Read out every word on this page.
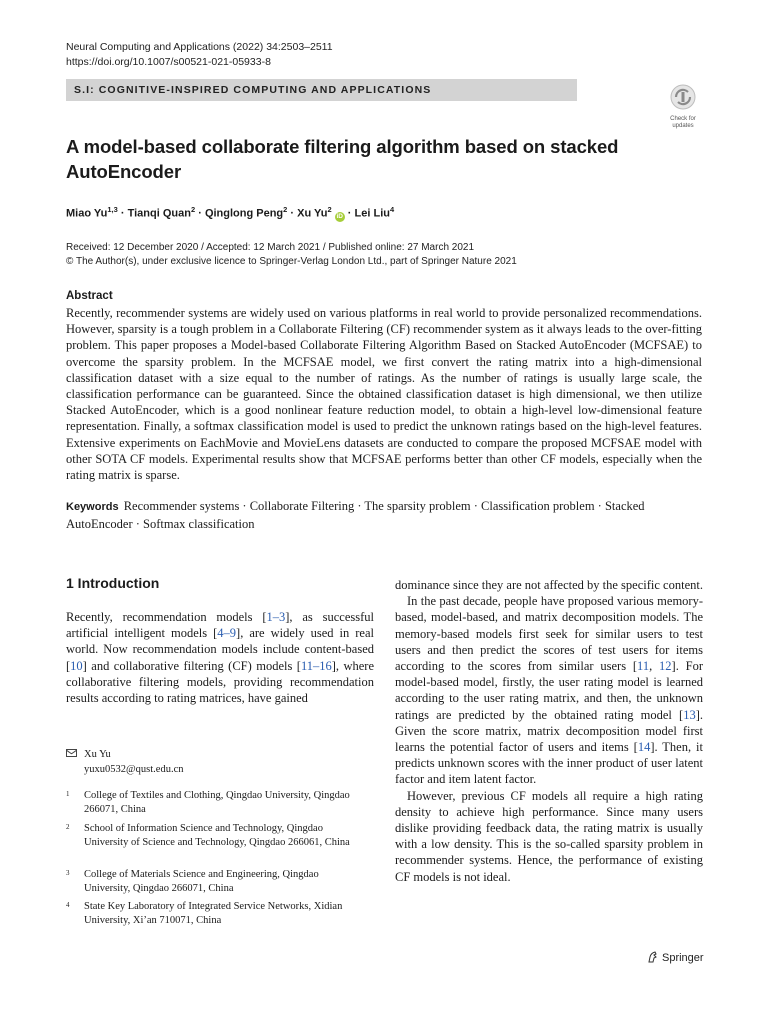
Neural Computing and Applications (2022) 34:2503–2511
https://doi.org/10.1007/s00521-021-05933-8
S.I: COGNITIVE-INSPIRED COMPUTING AND APPLICATIONS
Check for
updates
A model-based collaborate filtering algorithm based on stacked AutoEncoder
Miao Yu$^{1,3}$ · Tianqi Quan$^2$ · Qinglong Peng$^2$ · Xu Yu$^2$ iD · Lei Liu$^4$
Received: 12 December 2020 / Accepted: 12 March 2021 / Published online: 27 March 2021
© The Author(s), under exclusive licence to Springer-Verlag London Ltd., part of Springer Nature 2021
Abstract
Recently, recommender systems are widely used on various platforms in real world to provide personalized recommendations. However, sparsity is a tough problem in a Collaborate Filtering (CF) recommender system as it always leads to the over-fitting problem. This paper proposes a Model-based Collaborate Filtering Algorithm Based on Stacked AutoEncoder (MCFSAE) to overcome the sparsity problem. In the MCFSAE model, we first convert the rating matrix into a high-dimensional classification dataset with a size equal to the number of ratings. As the number of ratings is usually large scale, the classification performance can be guaranteed. Since the obtained classification dataset is high dimensional, we then utilize Stacked AutoEncoder, which is a good nonlinear feature reduction model, to obtain a high-level low-dimensional feature representation. Finally, a softmax classification model is used to predict the unknown ratings based on the high-level features. Extensive experiments on EachMovie and MovieLens datasets are conducted to compare the proposed MCFSAE model with other SOTA CF models. Experimental results show that MCFSAE performs better than other CF models, especially when the rating matrix is sparse.
Keywords Recommender systems · Collaborate Filtering · The sparsity problem · Classification problem · Stacked AutoEncoder · Softmax classification
1 Introduction

Recently, recommendation models [1–3], as successful artificial intelligent models [4–9], are widely used in real world. Now recommendation models include content-based [10] and collaborative filtering (CF) models [11–16], where collaborative filtering models, providing recommendation results according to rating matrices, have gained

dominance since they are not affected by the specific content.

In the past decade, people have proposed various memory-based, model-based, and matrix decomposition models. The memory-based models first seek for similar users to test users and then predict the scores of test users for items according to the scores from similar users [11, 12]. For model-based model, firstly, the user rating model is learned according to the user rating matrix, and then, the unknown ratings are predicted by the obtained rating model [13]. Given the score matrix, matrix decomposition model first learns the potential factor of users and items [14]. Then, it predicts unknown scores with the inner product of user latent factor and item latent factor.

However, previous CF models all require a high rating density to achieve high performance. Since many users dislike providing feedback data, the rating matrix is usually with a low density. This is the so-called sparsity problem in recommender systems. Hence, the performance of existing CF models is not ideal.

Xu Yu
yuxu0532@qust.edu.cn
1	College of Textiles and Clothing, Qingdao University, Qingdao 266071, China
2	School of Information Science and Technology, Qingdao University of Science and Technology, Qingdao 266061, China
3	College of Materials Science and Engineering, Qingdao University, Qingdao 266071, China
4	State Key Laboratory of Integrated Service Networks, Xidian University, Xi’an 710071, China
Springer
